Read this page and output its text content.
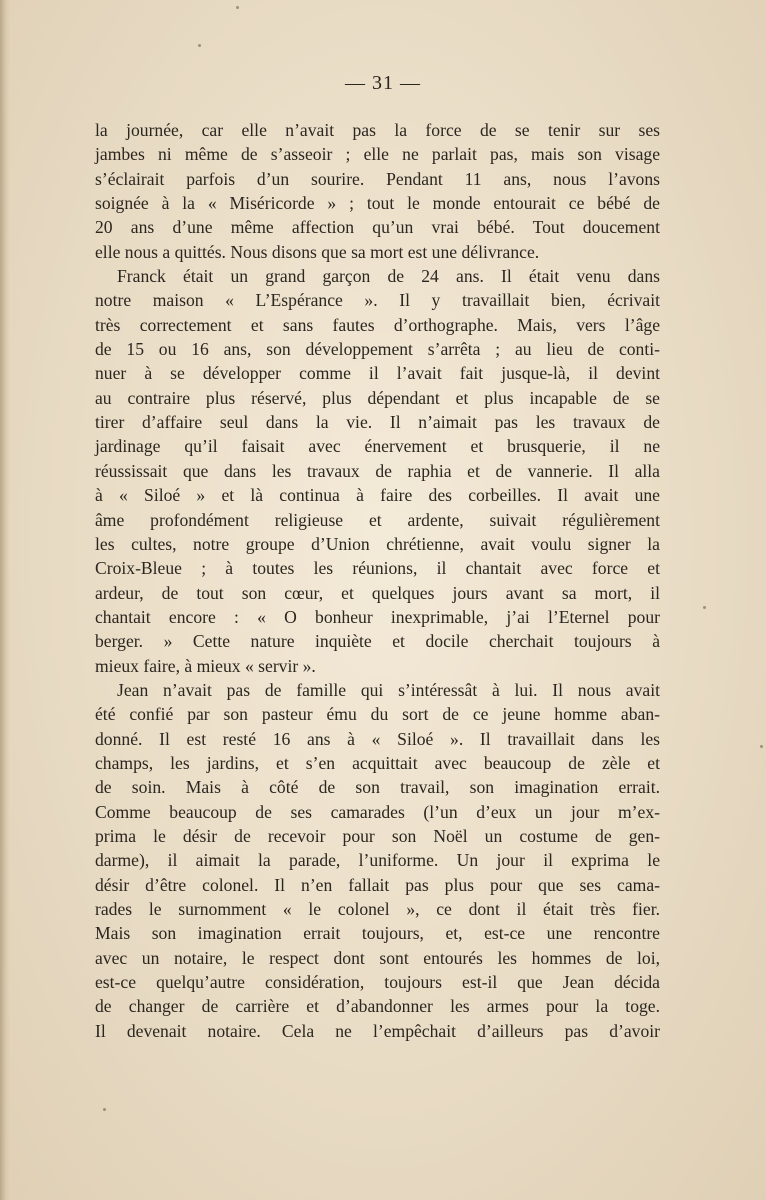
— 31 —
la journée, car elle n’avait pas la force de se tenir sur ses
jambes ni même de s’asseoir ; elle ne parlait pas, mais son visage
s’éclairait parfois d’un sourire. Pendant 11 ans, nous l’avons
soignée à la « Miséricorde » ; tout le monde entourait ce bébé de
20 ans d’une même affection qu’un vrai bébé. Tout doucement
elle nous a quittés. Nous disons que sa mort est une délivrance.
Franck était un grand garçon de 24 ans. Il était venu dans
notre maison « L’Espérance ». Il y travaillait bien, écrivait
très correctement et sans fautes d’orthographe. Mais, vers l’âge
de 15 ou 16 ans, son développement s’arrêta ; au lieu de conti-
nuer à se développer comme il l’avait fait jusque-là, il devint
au contraire plus réservé, plus dépendant et plus incapable de se
tirer d’affaire seul dans la vie. Il n’aimait pas les travaux de
jardinage qu’il faisait avec énervement et brusquerie, il ne
réussissait que dans les travaux de raphia et de vannerie. Il alla
à « Siloé » et là continua à faire des corbeilles. Il avait une
âme profondément religieuse et ardente, suivait régulièrement
les cultes, notre groupe d’Union chrétienne, avait voulu signer la
Croix-Bleue ; à toutes les réunions, il chantait avec force et
ardeur, de tout son cœur, et quelques jours avant sa mort, il
chantait encore : « O bonheur inexprimable, j’ai l’Eternel pour
berger. » Cette nature inquiète et docile cherchait toujours à
mieux faire, à mieux « servir ».
Jean n’avait pas de famille qui s’intéressât à lui. Il nous avait
été confié par son pasteur ému du sort de ce jeune homme aban-
donné. Il est resté 16 ans à « Siloé ». Il travaillait dans les
champs, les jardins, et s’en acquittait avec beaucoup de zèle et
de soin. Mais à côté de son travail, son imagination errait.
Comme beaucoup de ses camarades (l’un d’eux un jour m’ex-
prima le désir de recevoir pour son Noël un costume de gen-
darme), il aimait la parade, l’uniforme. Un jour il exprima le
désir d’être colonel. Il n’en fallait pas plus pour que ses cama-
rades le surnomment « le colonel », ce dont il était très fier.
Mais son imagination errait toujours, et, est-ce une rencontre
avec un notaire, le respect dont sont entourés les hommes de loi,
est-ce quelqu’autre considération, toujours est-il que Jean décida
de changer de carrière et d’abandonner les armes pour la toge.
Il devenait notaire. Cela ne l’empêchait d’ailleurs pas d’avoir
